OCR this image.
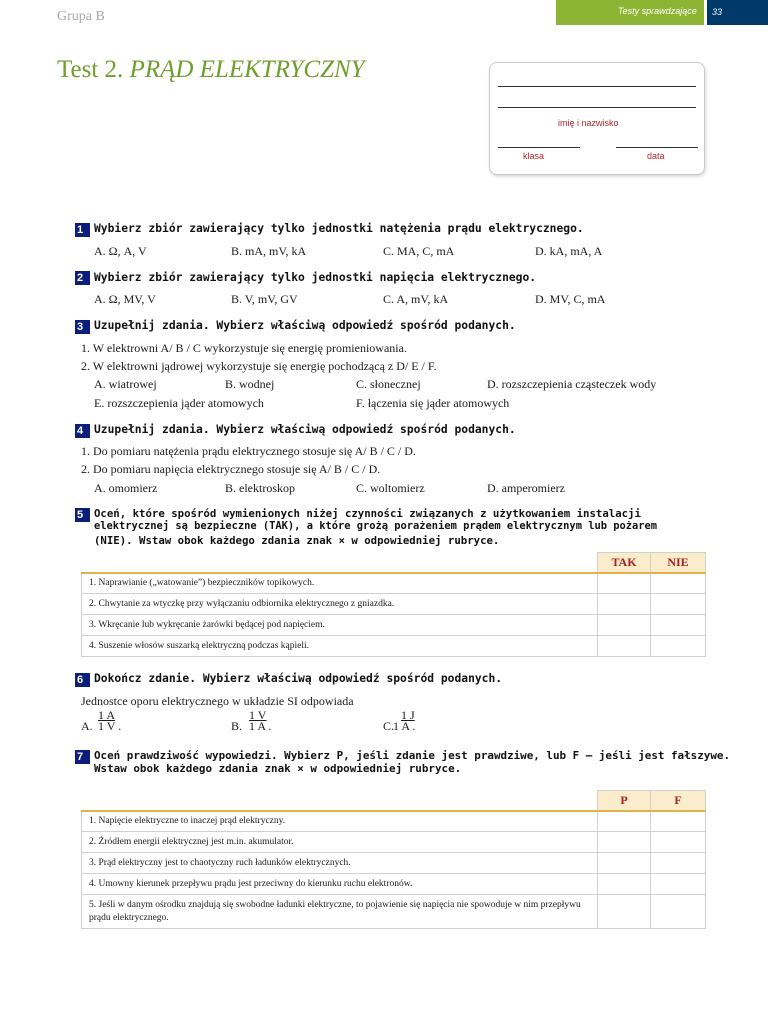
Grupa B	Testy sprawdzające 33
Test 2. PRĄD ELEKTRYCZNY
imię i nazwisko
klasa	data
1 Wybierz zbiór zawierający tylko jednostki natężenia prądu elektrycznego.
A. Ω, A, V	B. mA, mV, kA	C. MA, C, mA	D. kA, mA, A
2 Wybierz zbiór zawierający tylko jednostki napięcia elektrycznego.
A. Ω, MV, V	B. V, mV, GV	C. A, mV, kA	D. MV, C, mA
3 Uzupełnij zdania. Wybierz właściwą odpowiedź spośród podanych.
1. W elektrowni A/ B / C wykorzystuje się energię promieniowania.
2. W elektrowni jądrowej wykorzystuje się energię pochodzącą z D/ E / F.
A. wiatrowej	B. wodnej	C. słonecznej	D. rozszczepienia cząsteczek wody
E. rozszczepienia jąder atomowych	F. łączenia się jąder atomowych
4 Uzupełnij zdania. Wybierz właściwą odpowiedź spośród podanych.
1. Do pomiaru natężenia prądu elektrycznego stosuje się A/ B / C / D.
2. Do pomiaru napięcia elektrycznego stosuje się A/ B / C / D.
A. omomierz	B. elektroskop	C. woltomierz	D. amperomierz
5	Oceń, które spośród wymienionych niżej czynności związanych z użytkowaniem instalacji
elektrycznej są bezpieczne (TAK), a które grożą porażeniem prądem elektrycznym lub pożarem
(NIE). Wstaw obok każdego zdania znak × w odpowiedniej rubryce.
	TAK	NIE
1. Naprawianie („watowanie”) bezpieczników topikowych.		
2. Chwytanie za wtyczkę przy wyłączaniu odbiornika elektrycznego z gniazdka.		
3. Wkręcanie lub wykręcanie żarówki będącej pod napięciem.		
4. Suszenie włosów suszarką elektryczną podczas kąpieli.		
6 Dokończ zdanie. Wybierz właściwą odpowiedź spośród podanych.
Jednostce oporu elektrycznego w układzie SI odpowiada
A.
1 A
1 V .	B.
1 V
1 A .	C.
1 J
1 A .
7 Oceń prawdziwość wypowiedzi. Wybierz P, jeśli zdanie jest prawdziwe, lub F – jeśli jest fałszywe.
Wstaw obok każdego zdania znak × w odpowiedniej rubryce.
	P	F
1. Napięcie elektryczne to inaczej prąd elektryczny.		
2. Źródłem energii elektrycznej jest m.in. akumulator.		
3. Prąd elektryczny jest to chaotyczny ruch ładunków elektrycznych.		
4. Umowny kierunek przepływu prądu jest przeciwny do kierunku ruchu elektronów.		
5. Jeśli w danym ośrodku znajdują się swobodne ładunki elektryczne, to pojawienie się napięcia nie spowoduje w nim przepływu prądu elektrycznego.		
